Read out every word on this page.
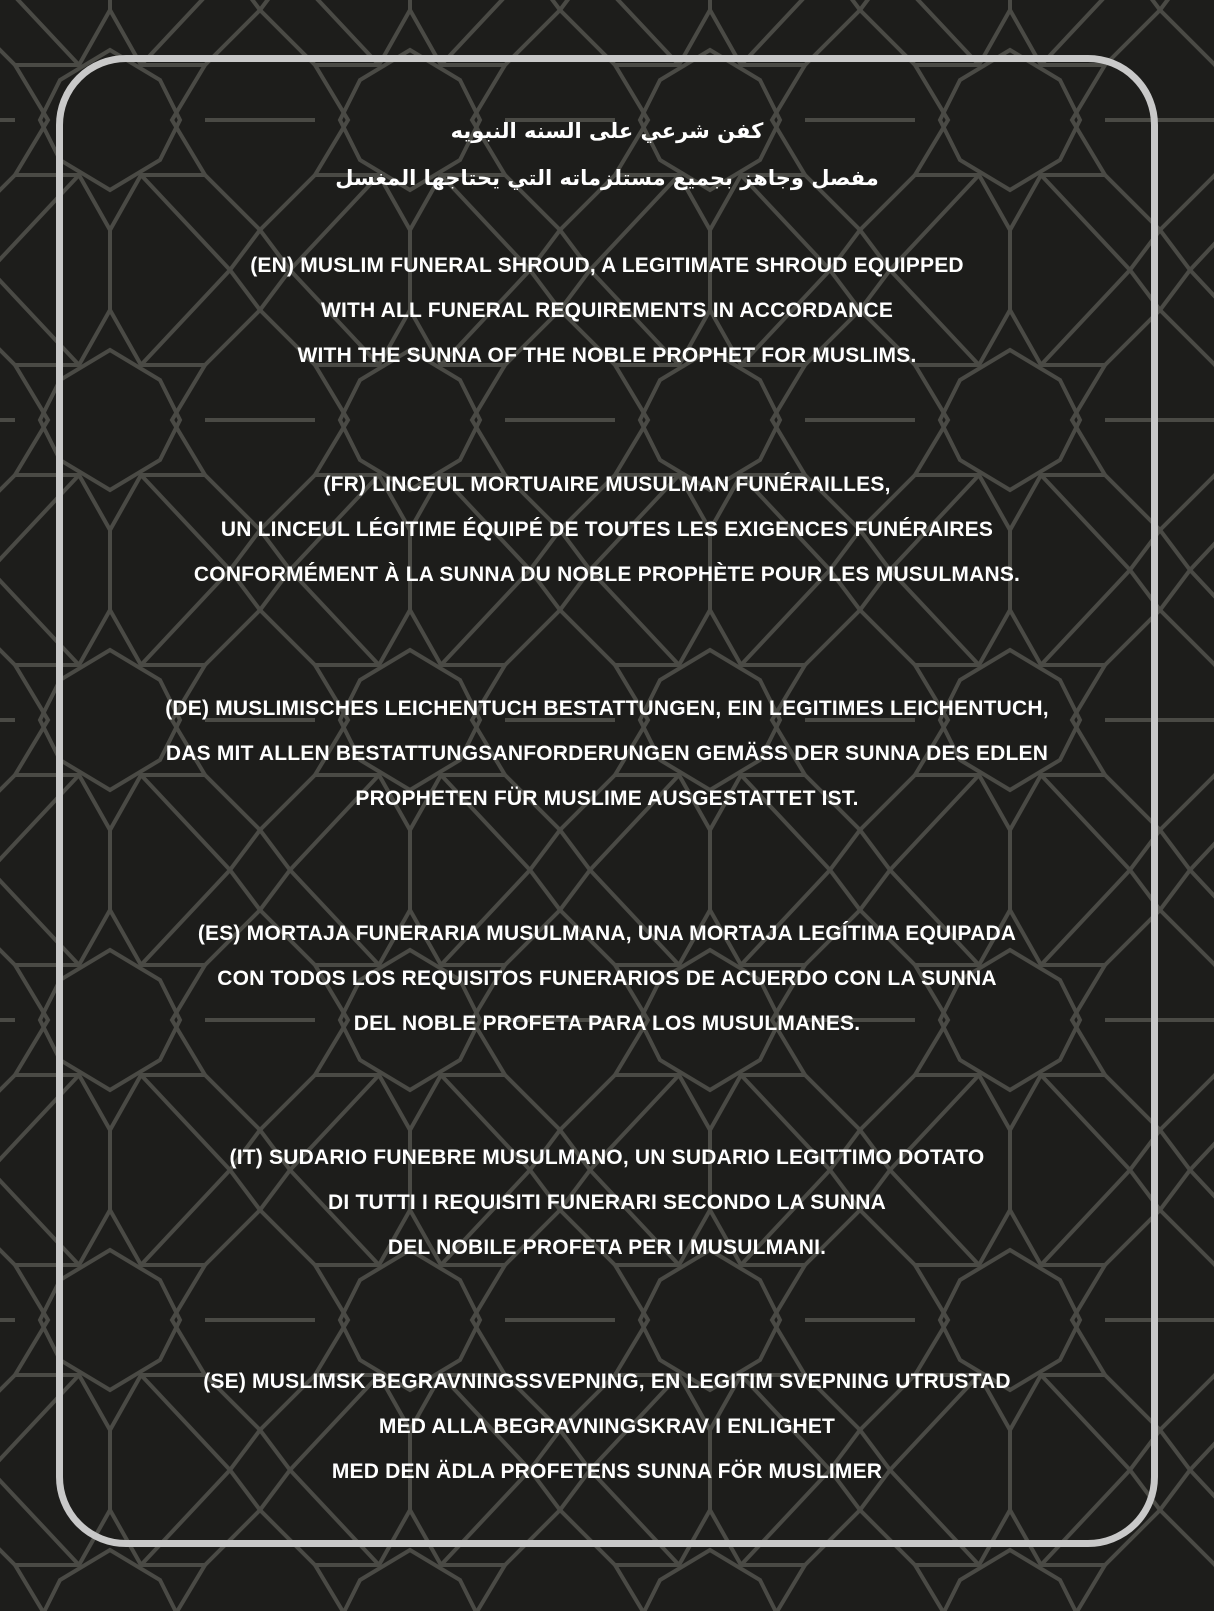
كفن شرعي على السنه النبويه
مفصل وجاهز بجميع مستلزماته التي يحتاجها المغسل
(EN) MUSLIM FUNERAL SHROUD, A LEGITIMATE SHROUD EQUIPPED
WITH ALL FUNERAL REQUIREMENTS IN ACCORDANCE
WITH THE SUNNA OF THE NOBLE PROPHET FOR MUSLIMS.
(FR) LINCEUL MORTUAIRE MUSULMAN FUNÉRAILLES,
UN LINCEUL LÉGITIME ÉQUIPÉ DE TOUTES LES EXIGENCES FUNÉRAIRES
CONFORMÉMENT À LA SUNNA DU NOBLE PROPHÈTE POUR LES MUSULMANS.
(DE) MUSLIMISCHES LEICHENTUCH BESTATTUNGEN, EIN LEGITIMES LEICHENTUCH,
DAS MIT ALLEN BESTATTUNGSANFORDERUNGEN GEMÄSS DER SUNNA DES EDLEN
PROPHETEN FÜR MUSLIME AUSGESTATTET IST.
(ES) MORTAJA FUNERARIA MUSULMANA, UNA MORTAJA LEGÍTIMA EQUIPADA
CON TODOS LOS REQUISITOS FUNERARIOS DE ACUERDO CON LA SUNNA
DEL NOBLE PROFETA PARA LOS MUSULMANES.
(IT) SUDARIO FUNEBRE MUSULMANO, UN SUDARIO LEGITTIMO DOTATO
DI TUTTI I REQUISITI FUNERARI SECONDO LA SUNNA
DEL NOBILE PROFETA PER I MUSULMANI.
(SE) MUSLIMSK BEGRAVNINGSSVEPNING, EN LEGITIM SVEPNING UTRUSTAD
MED ALLA BEGRAVNINGSKRAV I ENLIGHET
MED DEN ÄDLA PROFETENS SUNNA FÖR MUSLIMER
